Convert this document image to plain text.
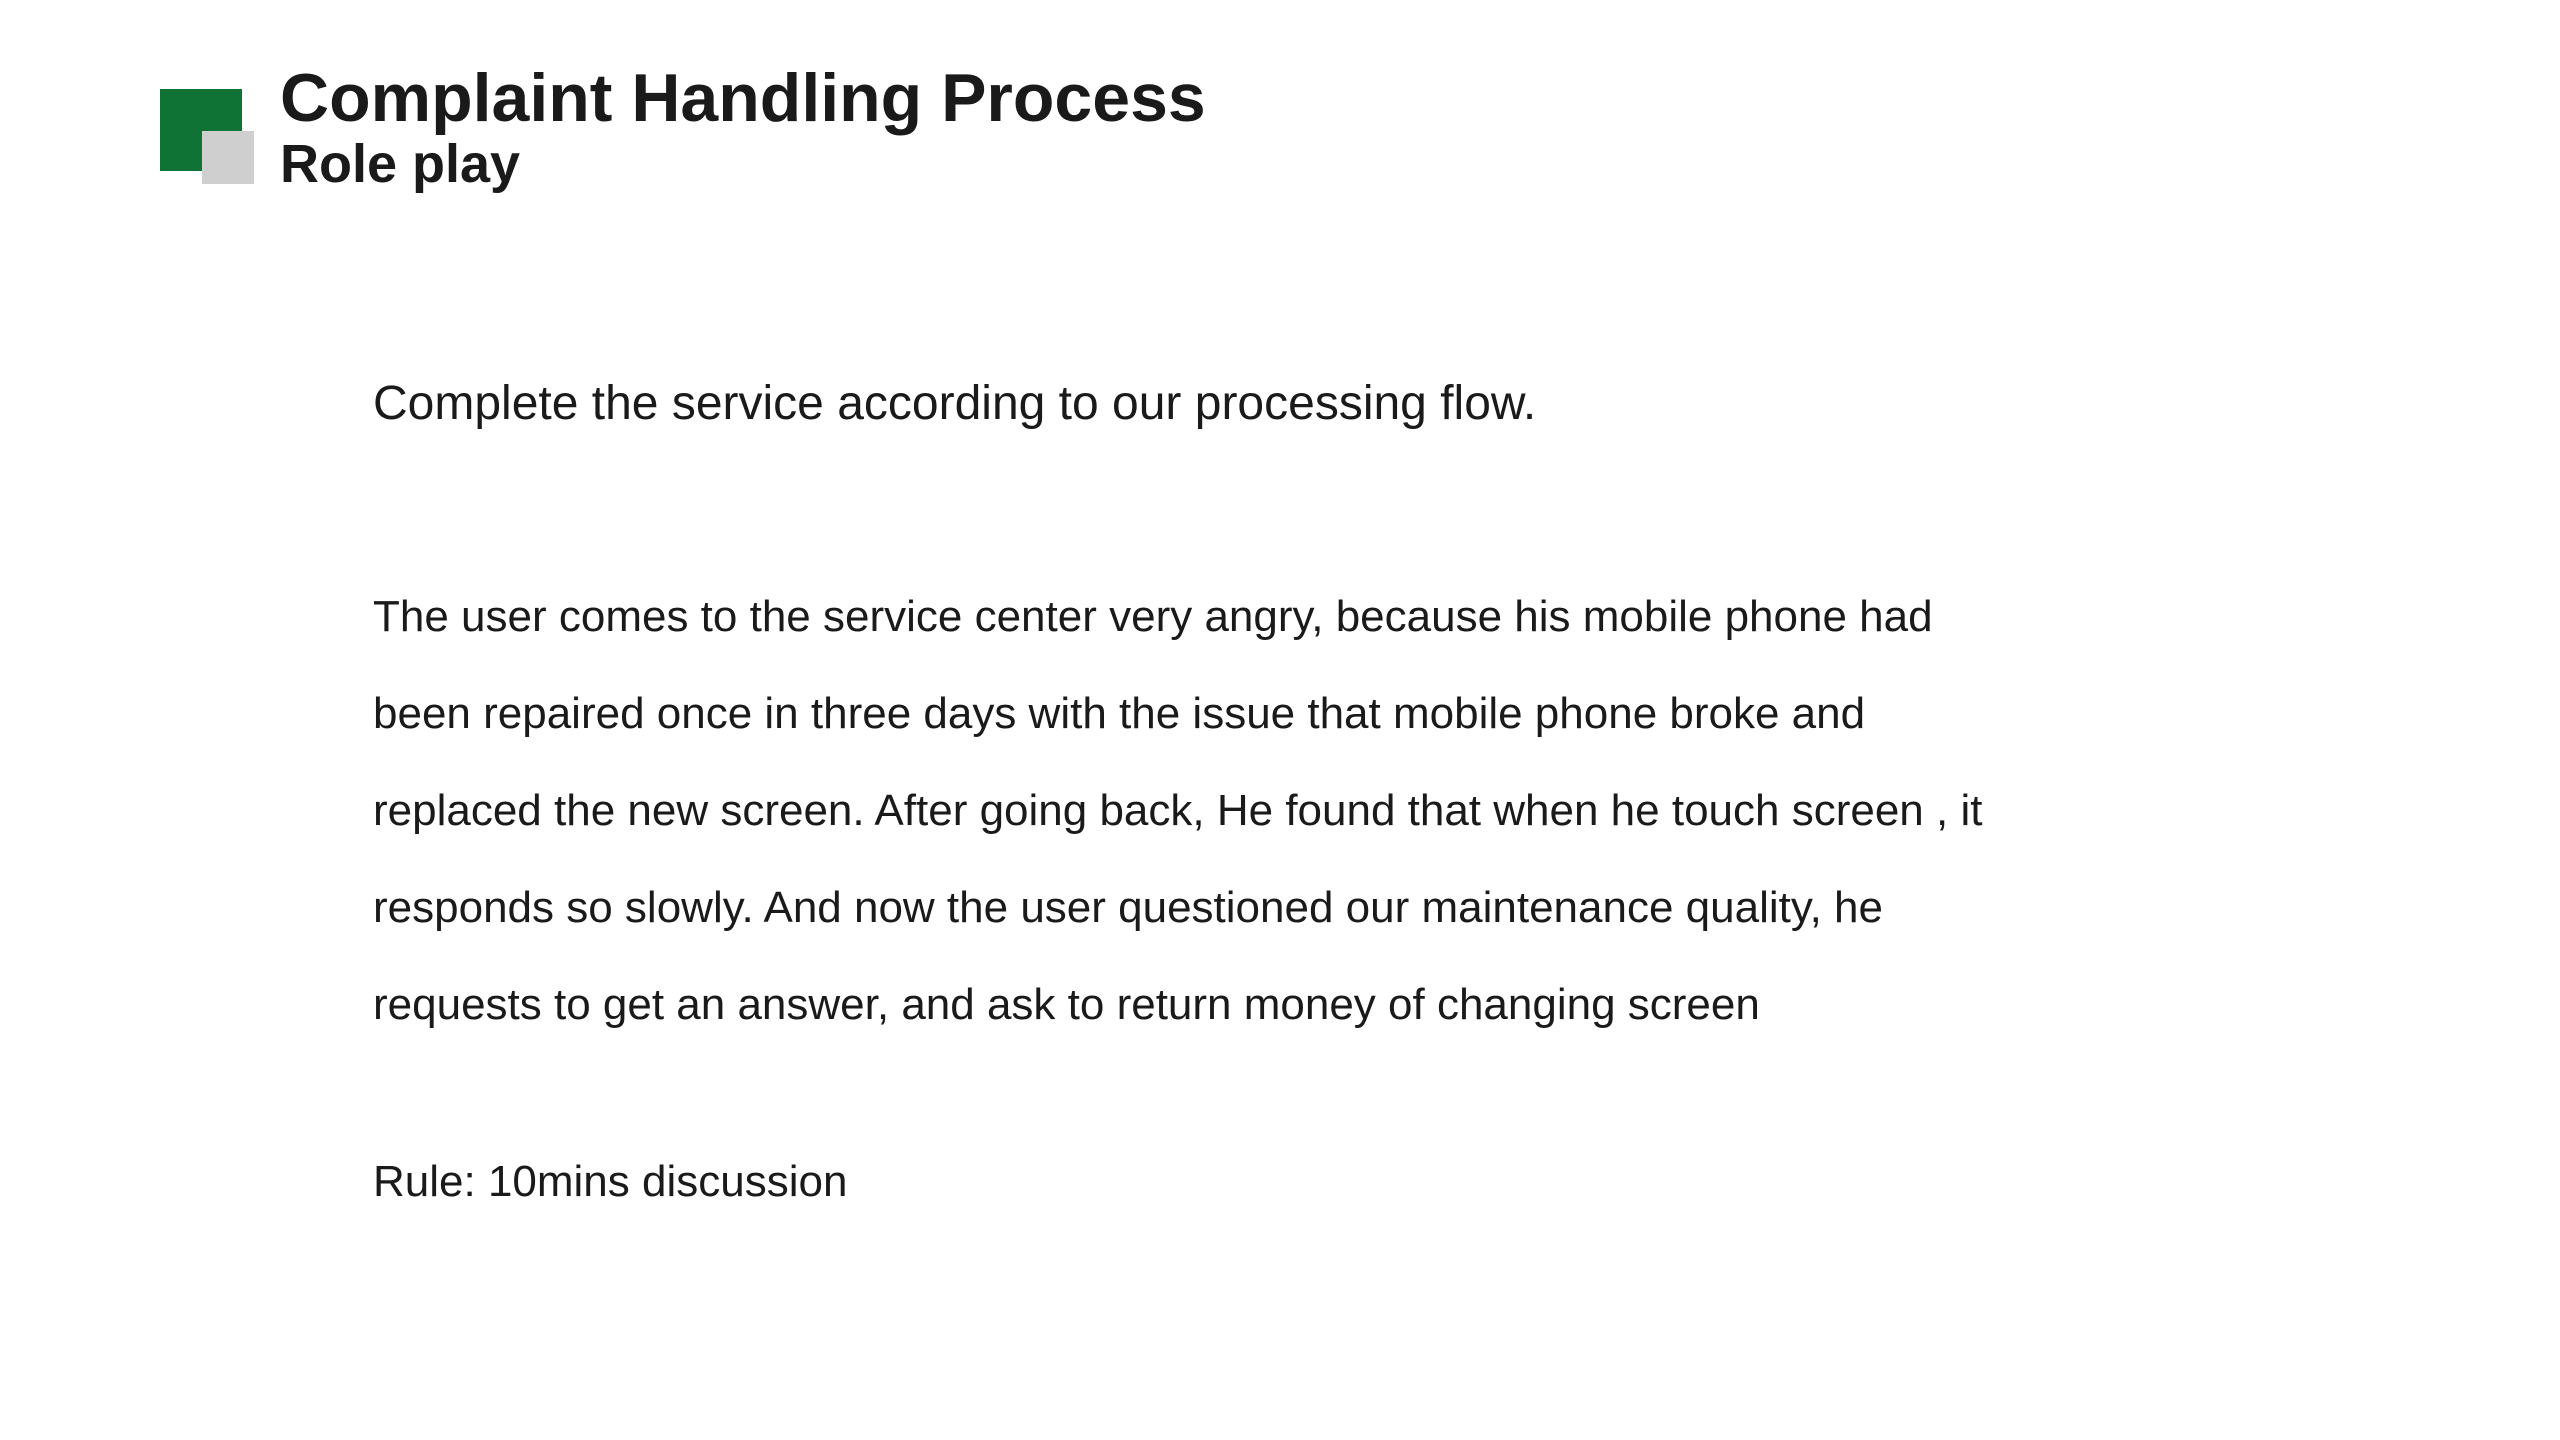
Complaint Handling Process
Role play

Complete the service according to our processing flow.

The user comes to the service center very angry, because his mobile phone had
been repaired once in three days with the issue that mobile phone broke and
replaced the new screen. After going back, He found that when he touch screen , it
responds so slowly. And now the user questioned our maintenance quality, he
requests to get an answer, and ask to return money of changing screen

Rule: 10mins discussion
